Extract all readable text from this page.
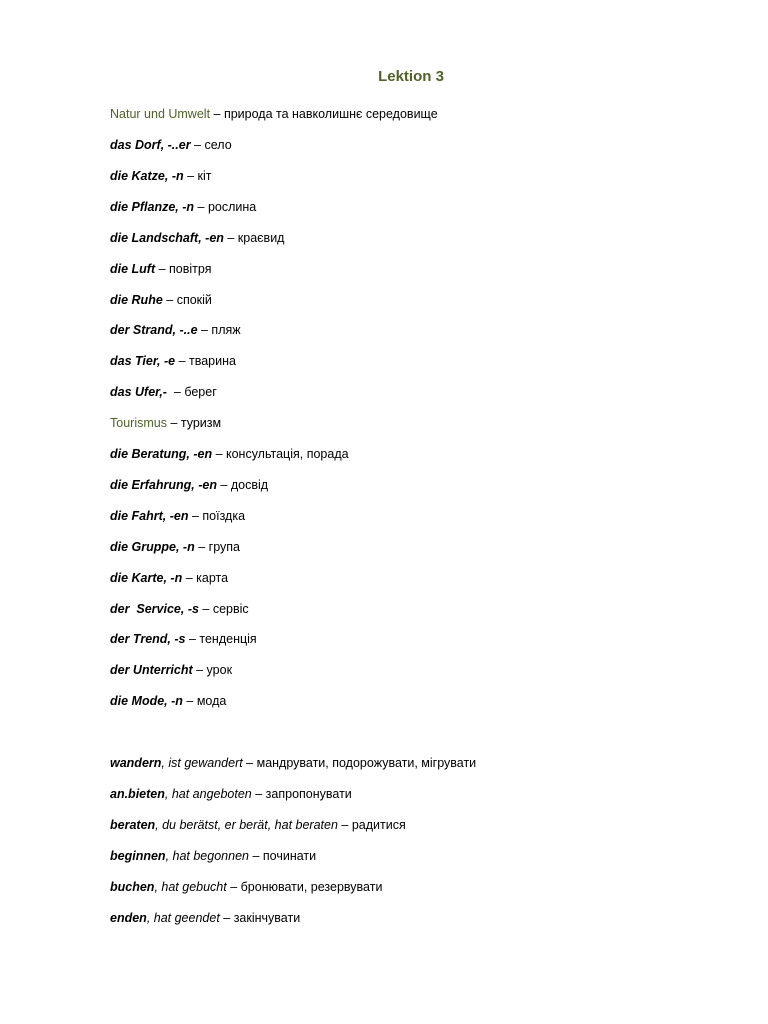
Lektion 3
Natur und Umwelt – природа та навколишнє середовище
Tourismus – туризм
das Dorf, -..er – село
die Katze, -n – кіт
die Pflanze, -n – рослина
die Landschaft, -en – краєвид
die Luft – повітря
die Ruhe – спокій
der Strand, -..e – пляж
das Tier, -e – тварина
das Ufer,-  – берег
die Beratung, -en – консультація, порада
die Erfahrung, -en – досвід
die Fahrt, -en – поїздка
die Gruppe, -n – група
die Karte, -n – карта
der  Service, -s – сервіс
der Trend, -s – тенденція
der Unterricht – урок
die Mode, -n – мода
wandern, ist gewandert – мандрувати, подорожувати, мігрувати
an.bieten, hat angeboten – запропонувати
beraten, du berätst, er berät, hat beraten – радитися
beginnen, hat begonnen – починати
buchen, hat gebucht – бронювати, резервувати
enden, hat geendet – закінчувати
